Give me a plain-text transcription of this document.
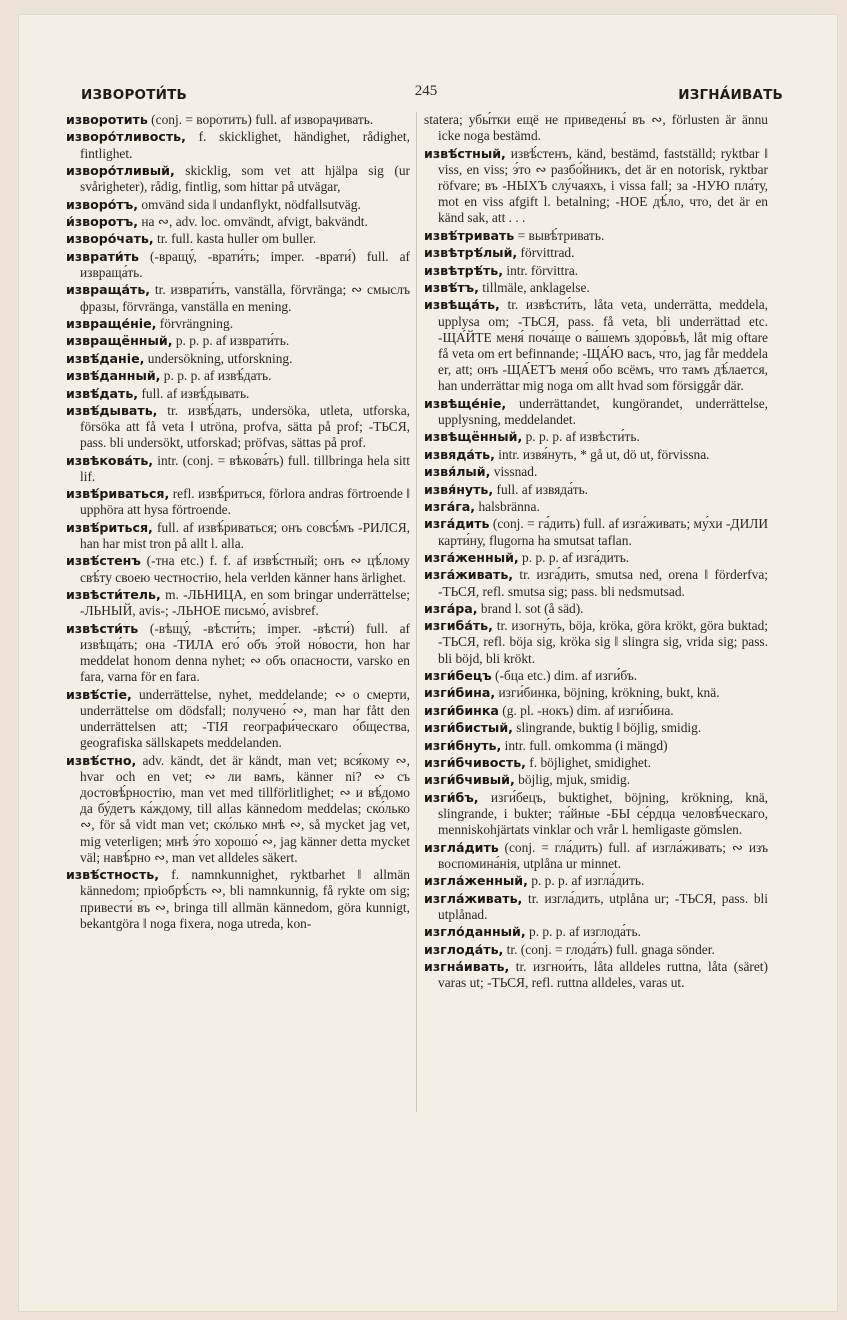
ИЗВОРОТИ́ТЬ	245	ИЗГНА́ИВАТЬ

изворотить (conj. = воротить) full. af извораӌивать.

изворо́тливость, f. skicklighet, händighet, rådighet, fintlighet.

изворо́тливый, skicklig, som vet att hjälpa sig (ur svårigheter), rådig, fintlig, som hittar på utvägar,

изворо́тъ, omvänd sida ‖ undanflykt, nödfallsutväg.

и́зворотъ, на ∾, adv. loc. omvändt, afvigt, bakvändt.

изворо́чать, tr. full. kasta huller om buller.

изврати́ть (-вращу́, -врати́ть; imper. -врати́) full. af извраща́ть.

извраща́ть, tr. изврати́ть, vanställa, förvränga; ∾ смыслъ фразы, förvränga, vanställa en mening.

извраще́ніе, förvrängning.

извращённый, p. p. p. af изврати́ть.

извѣ́даніе, undersökning, utforskning.

извѣ́данный, p. p. p. af извѣ́дать.

извѣ́дать, full. af извѣ́дывать.

извѣ́дывать, tr. извѣ́дать, undersöka, utleta, utforska, försöka att få veta ‖ utröna, profva, sätta på prof; -ТЬСЯ, pass. bli undersökt, utforskad; pröfvas, sättas på prof.

извѣкова́ть, intr. (conj. = вѣкова́ть) full. tillbringa hela sitt lif.

извѣ́риваться, refl. извѣ́риться, förlora andras förtroende ‖ upphöra att hysa förtroende.

извѣ́риться, full. af извѣ́риваться; онъ совсѣ́мъ -РИЛСЯ, han har mist tron på allt l. alla.

извѣ́стенъ (-тна etc.) f. f. af извѣ́стный; онъ ∾ цѣ́лому свѣ́ту своею честностію, hela verlden känner hans ärlighet.

извѣсти́тель, m. -ЛЬНИЦА, en som bringar underrättelse; -ЛЬНЫЙ, avis-; -ЛЬНОЕ письмо́, avisbref.

извѣсти́ть (-вѣщу́, -вѣсти́ть; imper. -вѣсти́) full. af извѣща́ть; она -ТИЛА его́ объ э́той но́вости, hon har meddelat honom denna nyhet; ∾ объ опасности, varsko en fara, varna för en fara.

извѣ́стіе, underrättelse, nyhet, meddelande; ∾ о смерти, underrättelse om dödsfall; получено́ ∾, man har fått den underrättelsen att; -ТІЯ географи́ческаго о́бщества, geografiska sällskapets meddelanden.

извѣ́стно, adv. kändt, det är kändt, man vet; вся́кому ∾, hvar och en vet; ∾ ли вамъ, känner ni? ∾ съ достовѣ́рностію, man vet med tillförlitlighet; ∾ и вѣ́домо да бу́детъ ка́ждому, till allas kännedom meddelas; ско́лько ∾, för så vidt man vet; ско́лько мнѣ ∾, så mycket jag vet, mig veterligen; мнѣ э́то хорошо́ ∾, jag känner detta mycket väl; навѣ́рно ∾, man vet alldeles säkert.

извѣ́стность, f. namnkunnighet, ryktbarhet ‖ allmän kännedom; пріобрѣ́сть ∾, bli namnkunnig, få rykte om sig; привести́ въ ∾, bringa till allmän kännedom, göra kunnigt, bekantgöra ‖ noga fixera, noga utreda, kon-

statera; убы́тки ещё не приведены́ въ ∾, förlusten är ännu icke noga bestämd.

извѣ́стный, извѣ́стенъ, känd, bestämd, fastställd; ryktbar ‖ viss, en viss; э́то ∾ разбо́йникъ, det är en notorisk, ryktbar röfvare; въ -НЫХЪ слу́чаяхъ, i vissa fall; за -НУЮ пла́ту, mot en viss afgift l. betalning; -НОЕ дѣ́ло, что, det är en känd sak, att . . .

извѣ́тривать = вывѣ́тривать.

извѣтрѣ́лый, förvittrad.

извѣтрѣ́ть, intr. förvittra.

извѣ́тъ, tillmäle, anklagelse.

извѣща́ть, tr. извѣсти́ть, låta veta, underrätta, meddela, upplysa om; -ТЬСЯ, pass. få veta, bli underrättad etc. -ЩА́ЙТЕ меня́ поча́ще о ва́шемъ здоро́вьѣ, låt mig oftare få veta om ert befinnande; -ЩА́Ю васъ, что, jag får meddela er, att; онъ -ЩА́ЕТЪ меня́ обо всёмъ, что тамъ дѣ́лается, han underrättar mig noga om allt hvad som försiggår där.

извѣще́ніе, underrättandet, kungörandet, underrättelse, upplysning, meddelandet.

извѣщённый, p. p. p. af извѣсти́ть.

извяда́ть, intr. извя́нуть, * gå ut, dö ut, förvissna.

извя́лый, vissnad.

извя́нуть, full. af извяда́ть.

изга́га, halsbränna.

изга́дить (conj. = га́дить) full. af изга́живать; му́хи -ДИЛИ карти́ну, flugorna ha smutsat taflan.

изга́женный, p. p. p. af изга́дить.

изга́живать, tr. изга́дить, smutsa ned, orena ‖ förderfva; -ТЬСЯ, refl. smutsa sig; pass. bli nedsmutsad.

изга́ра, brand l. sot (å säd).

изгиба́ть, tr. изогну́ть, böja, kröka, göra krökt, göra buktad; -ТЬСЯ, refl. böja sig, kröka sig ‖ slingra sig, vrida sig; pass. bli böjd, bli krökt.

изги́бецъ (-бца etc.) dim. af изги́бъ.

изги́бина, изги́бинка, böjning, krökning, bukt, knä.

изги́бинка (g. pl. -нокъ) dim. af изги́бина.

изги́бистый, slingrande, buktig ‖ böjlig, smidig.

изги́бнуть, intr. full. omkomma (i mängd)

изги́бчивость, f. böjlighet, smidighet.

изги́бчивый, böjlig, mjuk, smidig.

изги́бъ, изги́бецъ, buktighet, böjning, krökning, knä, slingrande, i bukter; та́йные -БЫ се́рдца человѣ́ческаго, menniskohjärtats vinklar och vrår l. hemligaste gömslen.

изгла́дить (conj. = гла́дить) full. af изгла́живать; ∾ изъ воспомина́нія, utplåna ur minnet.

изгла́женный, p. p. p. af изгла́дить.

изгла́живать, tr. изгла́дить, utplåna ur; -ТЬСЯ, pass. bli utplånad.

изгло́данный, p. p. p. af изглода́ть.

изглода́ть, tr. (conj. = глода́ть) full. gnaga sönder.

изгна́ивать, tr. изгнои́ть, låta alldeles ruttna, låta (säret) varas ut; -ТЬСЯ, refl. ruttna alldeles, varas ut.
